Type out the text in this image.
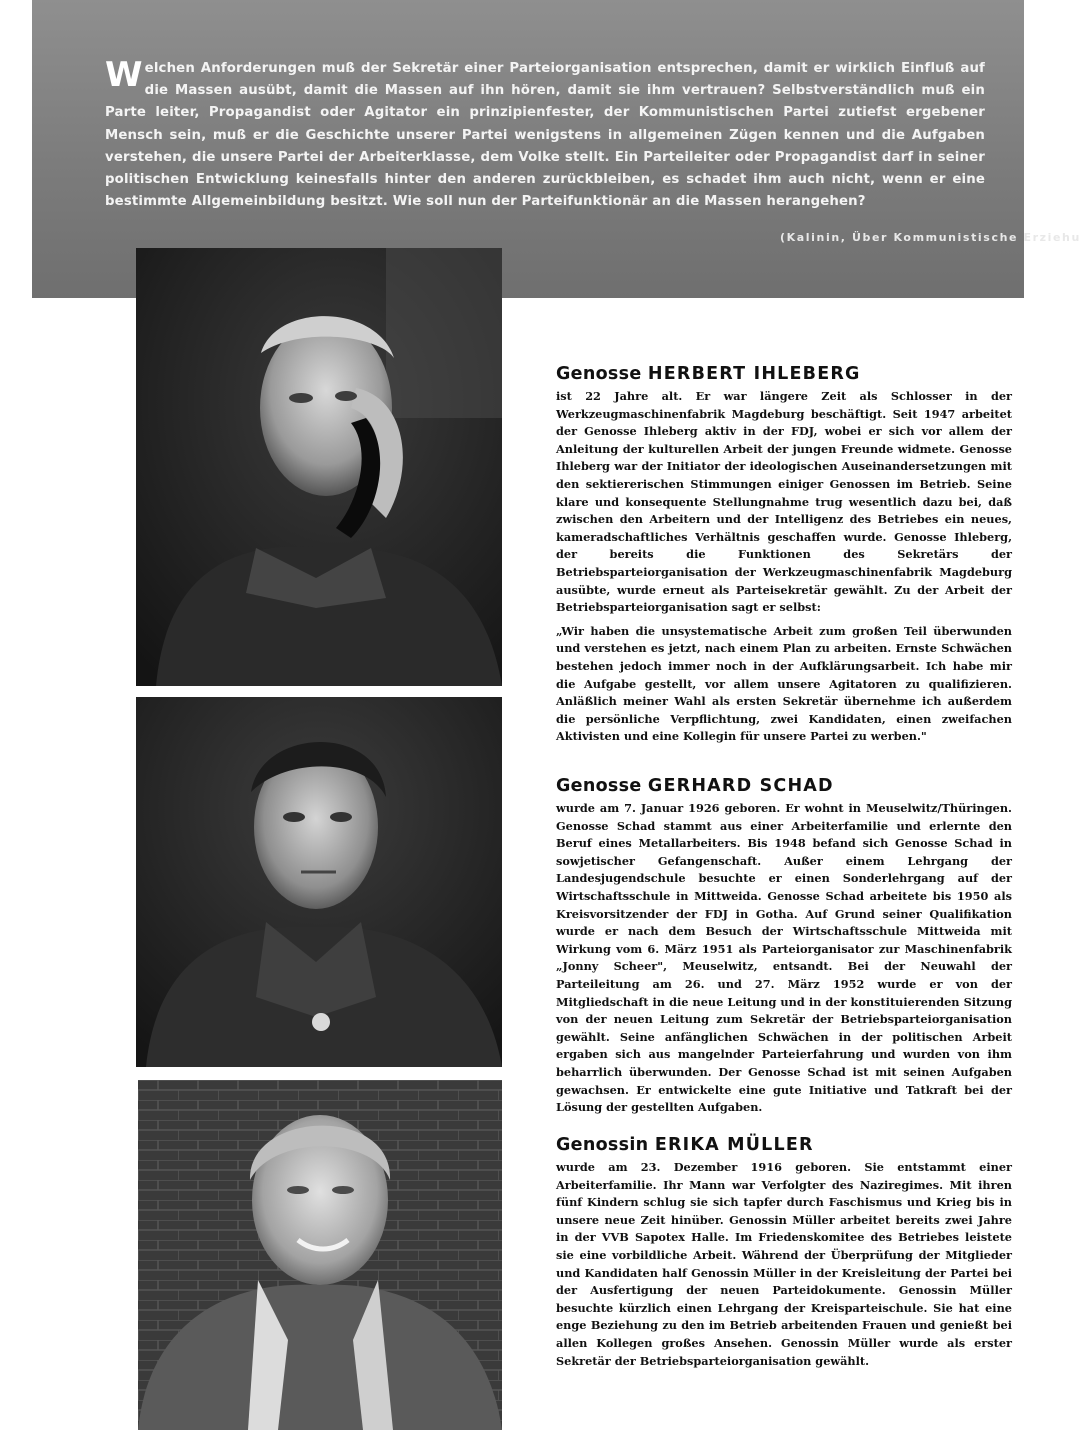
Welchen Anforderungen muß der Sekretär einer Parteiorganisation entsprechen, damit er wirklich Einfluß auf die Massen ausübt, damit die Massen auf ihn hören, damit sie ihm vertrauen? Selbstverständlich muß ein Parte leiter, Propagandist oder Agitator ein prinzipienfester, der Kommunistischen Partei zutiefst ergebener Mensch sein, muß er die Geschichte unserer Partei wenigstens in allgemeinen Zügen kennen und die Aufgaben verstehen, die unsere Partei der Arbeiterklasse, dem Volke stellt. Ein Parteileiter oder Propagandist darf in seiner politischen Entwicklung keinesfalls hinter den anderen zurückbleiben, es schadet ihm auch nicht, wenn er eine bestimmte Allgemeinbildung besitzt. Wie soll nun der Parteifunktionär an die Massen herangehen?
(Kalinin, Über Kommunistische Erziehu
Genosse HERBERT IHLEBERG

ist 22 Jahre alt. Er war längere Zeit als Schlosser in der Werkzeugmaschinenfabrik Magdeburg beschäftigt. Seit 1947 arbeitet der Genosse Ihleberg aktiv in der FDJ, wobei er sich vor allem der Anleitung der kulturellen Arbeit der jungen Freunde widmete. Genosse Ihleberg war der Initiator der ideologischen Auseinandersetzungen mit den sektiererischen Stimmungen einiger Genossen im Betrieb. Seine klare und konsequente Stellungnahme trug wesentlich dazu bei, daß zwischen den Arbeitern und der Intelligenz des Betriebes ein neues, kameradschaftliches Verhältnis geschaffen wurde. Genosse Ihleberg, der bereits die Funktionen des Sekretärs der Betriebsparteiorganisation der Werkzeugmaschinenfabrik Magdeburg ausübte, wurde erneut als Parteisekretär gewählt. Zu der Arbeit der Betriebsparteiorganisation sagt er selbst:

„Wir haben die unsystematische Arbeit zum großen Teil überwunden und verstehen es jetzt, nach einem Plan zu arbeiten. Ernste Schwächen bestehen jedoch immer noch in der Aufklärungsarbeit. Ich habe mir die Aufgabe gestellt, vor allem unsere Agitatoren zu qualifizieren. Anläßlich meiner Wahl als ersten Sekretär übernehme ich außerdem die persönliche Verpflichtung, zwei Kandidaten, einen zweifachen Aktivisten und eine Kollegin für unsere Partei zu werben."

Genosse GERHARD SCHAD

wurde am 7. Januar 1926 geboren. Er wohnt in Meuselwitz/Thüringen. Genosse Schad stammt aus einer Arbeiterfamilie und erlernte den Beruf eines Metallarbeiters. Bis 1948 befand sich Genosse Schad in sowjetischer Gefangenschaft. Außer einem Lehrgang der Landesjugendschule besuchte er einen Sonderlehrgang auf der Wirtschaftsschule in Mittweida. Genosse Schad arbeitete bis 1950 als Kreisvorsitzender der FDJ in Gotha. Auf Grund seiner Qualifikation wurde er nach dem Besuch der Wirtschaftsschule Mittweida mit Wirkung vom 6. März 1951 als Parteiorganisator zur Maschinenfabrik „Jonny Scheer", Meuselwitz, entsandt. Bei der Neuwahl der Parteileitung am 26. und 27. März 1952 wurde er von der Mitgliedschaft in die neue Leitung und in der konstituierenden Sitzung von der neuen Leitung zum Sekretär der Betriebsparteiorganisation gewählt. Seine anfänglichen Schwächen in der politischen Arbeit ergaben sich aus mangelnder Parteierfahrung und wurden von ihm beharrlich überwunden. Der Genosse Schad ist mit seinen Aufgaben gewachsen. Er entwickelte eine gute Initiative und Tatkraft bei der Lösung der gestellten Aufgaben.

Genossin ERIKA MÜLLER

wurde am 23. Dezember 1916 geboren. Sie entstammt einer Arbeiterfamilie. Ihr Mann war Verfolgter des Naziregimes. Mit ihren fünf Kindern schlug sie sich tapfer durch Faschismus und Krieg bis in unsere neue Zeit hinüber. Genossin Müller arbeitet bereits zwei Jahre in der VVB Sapotex Halle. Im Friedenskomitee des Betriebes leistete sie eine vorbildliche Arbeit. Während der Überprüfung der Mitglieder und Kandidaten half Genossin Müller in der Kreisleitung der Partei bei der Ausfertigung der neuen Parteidokumente. Genossin Müller besuchte kürzlich einen Lehrgang der Kreisparteischule. Sie hat eine enge Beziehung zu den im Betrieb arbeitenden Frauen und genießt bei allen Kollegen großes Ansehen. Genossin Müller wurde als erster Sekretär der Betriebsparteiorganisation gewählt.
